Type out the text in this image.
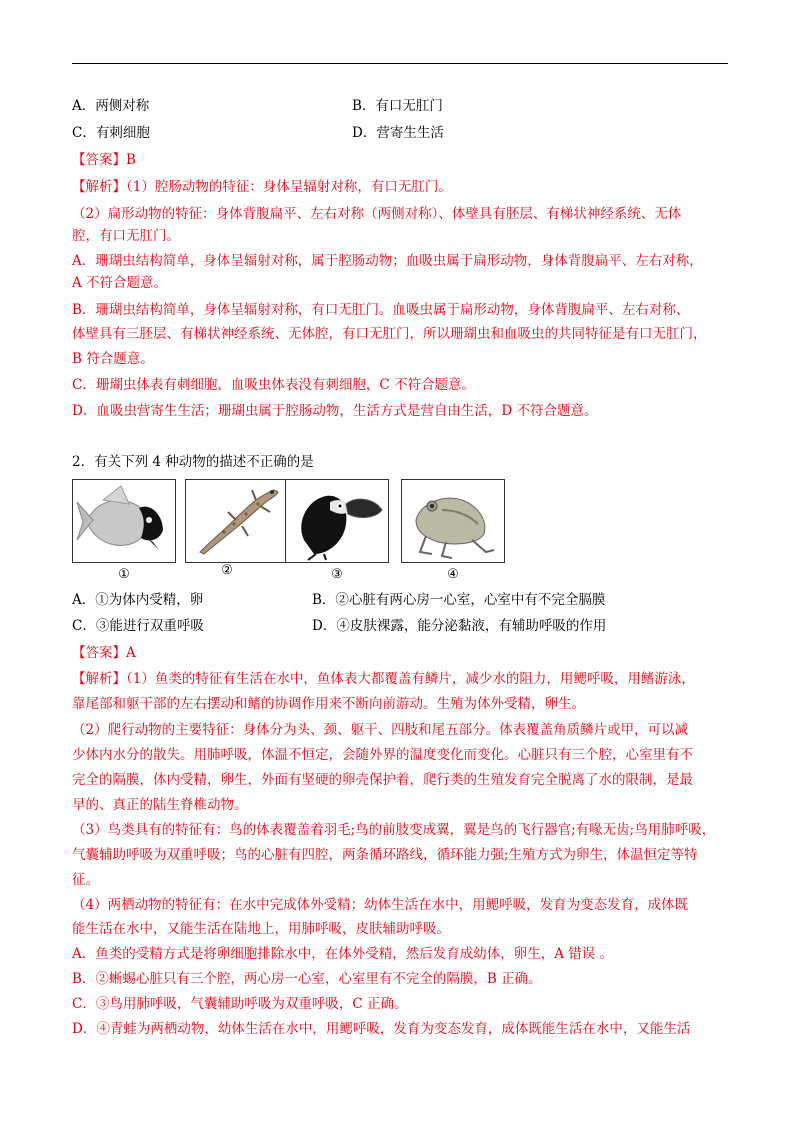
A．两侧对称	B．有口无肛门
C．有刺细胞	D．营寄生生活
【答案】B
【解析】（1）腔肠动物的特征：身体呈辐射对称，有口无肛门。
（2）扁形动物的特征：身体背腹扁平、左右对称（两侧对称）、体壁具有胚层、有梯状神经系统、无体
腔，有口无肛门。
A．珊瑚虫结构简单，身体呈辐射对称，属于腔肠动物；血吸虫属于扁形动物，身体背腹扁平、左右对称，
A 不符合题意。
B．珊瑚虫结构简单，身体呈辐射对称，有口无肛门。血吸虫属于扁形动物，身体背腹扁平、左右对称、
体壁具有三胚层、有梯状神经系统、无体腔，有口无肛门，所以珊瑚虫和血吸虫的共同特征是有口无肛门，
B 符合题意。
C．珊瑚虫体表有刺细胞，血吸虫体表没有刺细胞，C 不符合题意。
D．血吸虫营寄生生活；珊瑚虫属于腔肠动物，生活方式是营自由生活，D 不符合题意。
2．有关下列 4 种动物的描述不正确的是
①	②	③	④
A．①为体内受精，卵	B．②心脏有两心房一心室，心室中有不完全膈膜
C．③能进行双重呼吸	D．④皮肤裸露，能分泌黏液，有辅助呼吸的作用
【答案】A
【解析】（1）鱼类的特征有生活在水中，鱼体表大都覆盖有鳞片，减少水的阻力，用鳃呼吸，用鳍游泳，
靠尾部和躯干部的左右摆动和鳍的协调作用来不断向前游动。生殖为体外受精，卵生。
（2）爬行动物的主要特征：身体分为头、颈、躯干、四肢和尾五部分。体表覆盖角质鳞片或甲，可以减
少体内水分的散失。用肺呼吸，体温不恒定，会随外界的温度变化而变化。心脏只有三个腔，心室里有不
完全的隔膜，体内受精，卵生，外面有坚硬的卵壳保护着，爬行类的生殖发育完全脱离了水的限制，是最
早的、真正的陆生脊椎动物。
（3）鸟类具有的特征有：鸟的体表覆盖着羽毛;鸟的前肢变成翼，翼是鸟的飞行器官;有喙无齿;鸟用肺呼吸，
气囊辅助呼吸为双重呼吸；鸟的心脏有四腔，两条循环路线，循环能力强;生殖方式为卵生，体温恒定等特
征。
（4）两栖动物的特征有：在水中完成体外受精；幼体生活在水中，用鳃呼吸，发育为变态发育，成体既
能生活在水中，又能生活在陆地上，用肺呼吸，皮肤辅助呼吸。
A．鱼类的受精方式是将卵细胞排除水中，在体外受精，然后发育成幼体，卵生，A 错误 。
B．②蜥蜴心脏只有三个腔，两心房一心室，心室里有不完全的隔膜，B 正确。
C．③鸟用肺呼吸，气囊辅助呼吸为双重呼吸，C 正确。
D．④青蛙为两栖动物，幼体生活在水中，用鳃呼吸，发育为变态发育，成体既能生活在水中，又能生活
